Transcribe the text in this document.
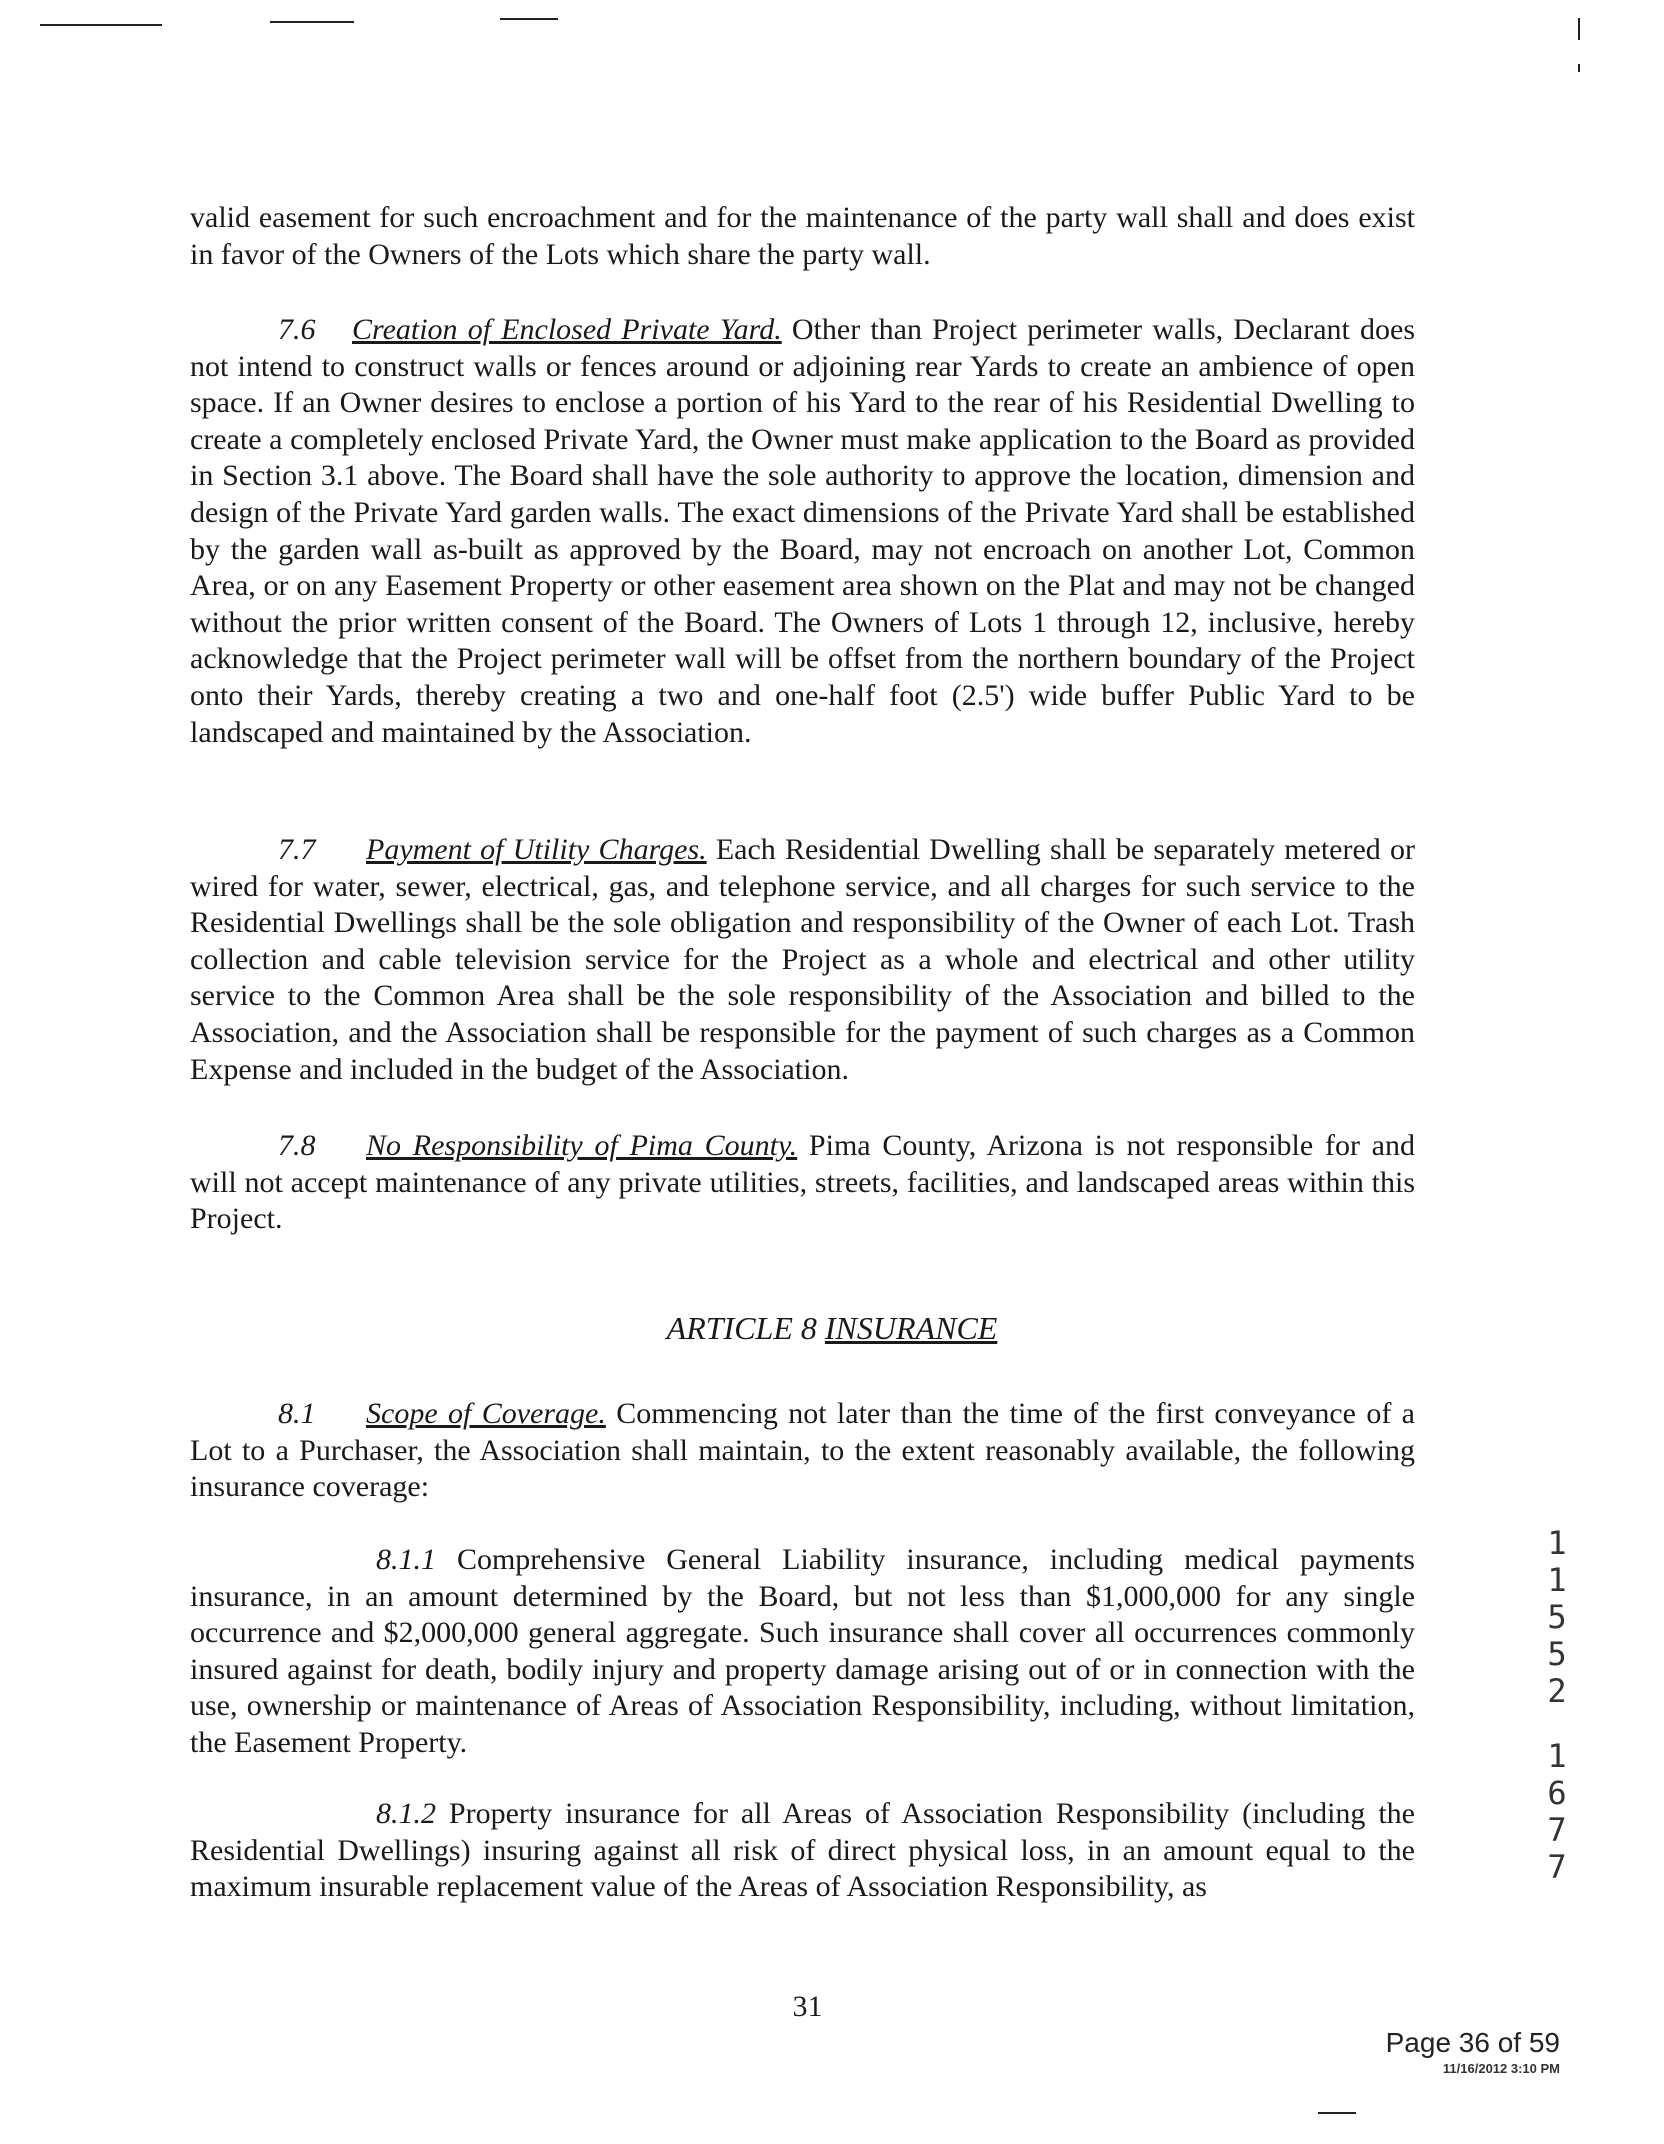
valid easement for such encroachment and for the maintenance of the party wall shall and does exist in favor of the Owners of the Lots which share the party wall.

7.6 Creation of Enclosed Private Yard. Other than Project perimeter walls, Declarant does not intend to construct walls or fences around or adjoining rear Yards to create an ambience of open space. If an Owner desires to enclose a portion of his Yard to the rear of his Residential Dwelling to create a completely enclosed Private Yard, the Owner must make application to the Board as provided in Section 3.1 above. The Board shall have the sole authority to approve the location, dimension and design of the Private Yard garden walls. The exact dimensions of the Private Yard shall be established by the garden wall as-built as approved by the Board, may not encroach on another Lot, Common Area, or on any Easement Property or other easement area shown on the Plat and may not be changed without the prior written consent of the Board. The Owners of Lots 1 through 12, inclusive, hereby acknowledge that the Project perimeter wall will be offset from the northern boundary of the Project onto their Yards, thereby creating a two and one-half foot (2.5') wide buffer Public Yard to be landscaped and maintained by the Association.

7.7 Payment of Utility Charges. Each Residential Dwelling shall be separately metered or wired for water, sewer, electrical, gas, and telephone service, and all charges for such service to the Residential Dwellings shall be the sole obligation and responsibility of the Owner of each Lot. Trash collection and cable television service for the Project as a whole and electrical and other utility service to the Common Area shall be the sole responsibility of the Association and billed to the Association, and the Association shall be responsible for the payment of such charges as a Common Expense and included in the budget of the Association.

7.8 No Responsibility of Pima County. Pima County, Arizona is not responsible for and will not accept maintenance of any private utilities, streets, facilities, and landscaped areas within this Project.

ARTICLE 8 INSURANCE

8.1 Scope of Coverage. Commencing not later than the time of the first conveyance of a Lot to a Purchaser, the Association shall maintain, to the extent reasonably available, the following insurance coverage:

8.1.1 Comprehensive General Liability insurance, including medical payments insurance, in an amount determined by the Board, but not less than $1,000,000 for any single occurrence and $2,000,000 general aggregate. Such insurance shall cover all occurrences commonly insured against for death, bodily injury and property damage arising out of or in connection with the use, ownership or maintenance of Areas of Association Responsibility, including, without limitation, the Easement Property.

8.1.2 Property insurance for all Areas of Association Responsibility (including the Residential Dwellings) insuring against all risk of direct physical loss, in an amount equal to the maximum insurable replacement value of the Areas of Association Responsibility, as

1
1
5
5
2
1
6
7
7
31
Page 36 of 59
11/16/2012 3:10 PM
